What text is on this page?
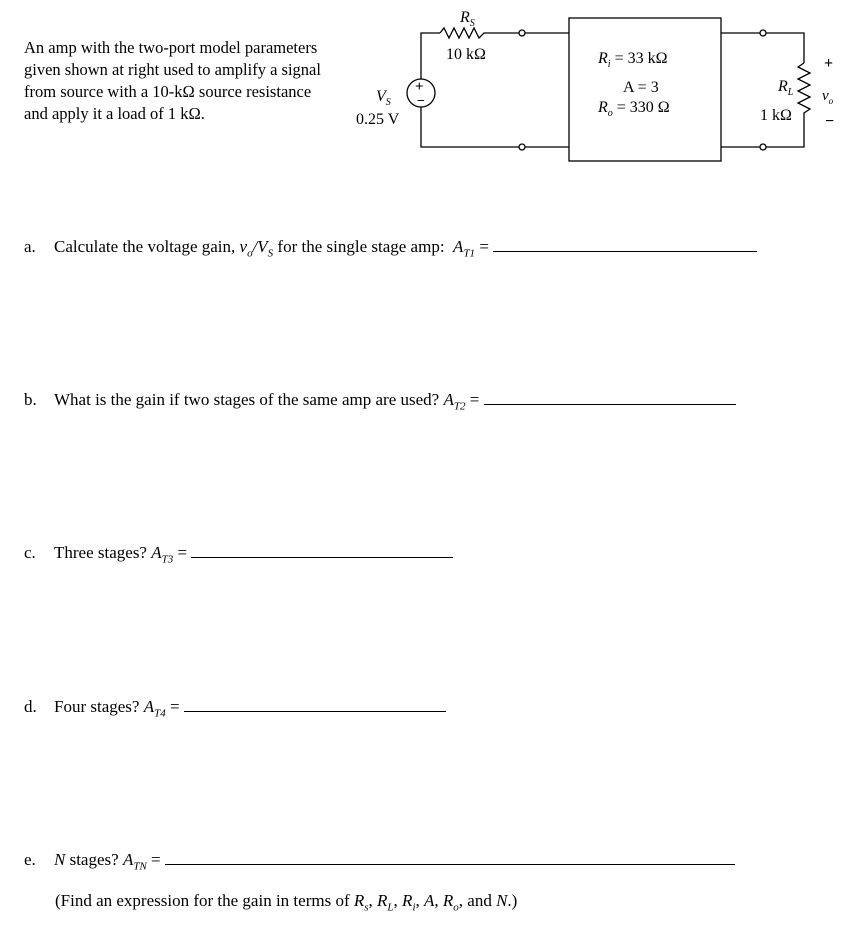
An amp with the two-port model parameters given shown at right used to amplify a signal from source with a 10-kΩ source resistance and apply it a load of 1 kΩ.
$R_S$
10 kΩ
$V_S$
0.25 V
+
−
$R_i = 33$ kΩ
A = 3
$R_o = 330$ Ω
$R_L$
1 kΩ
+
$v_o$
−
a. Calculate the voltage gain, $v_o/V_S$ for the single stage amp:  $A_{T1}$ =
b. What is the gain if two stages of the same amp are used? $A_{T2}$ =
c. Three stages? $A_{T3}$ =
d. Four stages? $A_{T4}$ =
e. N stages? $A_{TN}$ =
(Find an expression for the gain in terms of $R_s$, $R_L$, $R_i$, A, $R_o$, and N.)
